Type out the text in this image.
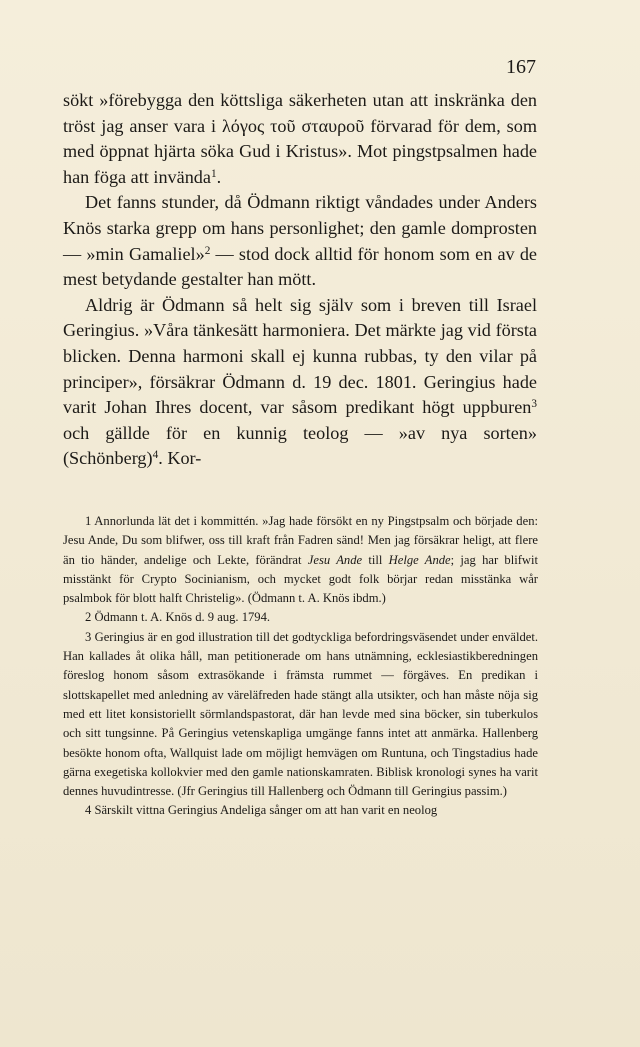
167

sökt »förebygga den köttsliga säkerheten utan att inskränka den tröst jag anser vara i λόγος τοῦ σταυροῦ förvarad för dem, som med öppnat hjärta söka Gud i Kristus». Mot pingstpsalmen hade han föga att invända$^1$.

Det fanns stunder, då Ödmann riktigt våndades under Anders Knös starka grepp om hans personlighet; den gamle domprosten — »min Gamaliel»$^2$ — stod dock alltid för honom som en av de mest betydande gestalter han mött.

Aldrig är Ödmann så helt sig själv som i breven till Israel Geringius. »Våra tänkesätt harmoniera. Det märkte jag vid första blicken. Denna harmoni skall ej kunna rubbas, ty den vilar på principer», försäkrar Ödmann d. 19 dec. 1801. Geringius hade varit Johan Ihres docent, var såsom predikant högt uppburen$^3$ och gällde för en kunnig teolog — »av nya sorten» (Schönberg)$^4$. Kor-

1 Annorlunda lät det i kommittén. »Jag hade försökt en ny Pingstpsalm och började den: Jesu Ande, Du som blifwer, oss till kraft från Fadren sänd! Men jag försäkrar heligt, att flere än tio händer, andelige och Lekte, förändrat Jesu Ande till Helge Ande; jag har blifwit misstänkt för Crypto Socinianism, och mycket godt folk börjar redan misstänka wår psalmbok för blott halft Christelig». (Ödmann t. A. Knös ibdm.)

2 Ödmann t. A. Knös d. 9 aug. 1794.

3 Geringius är en god illustration till det godtyckliga befordringsväsendet under enväldet. Han kallades åt olika håll, man petitionerade om hans utnämning, ecklesiastikberedningen föreslog honom såsom extrasökande i främsta rummet — förgäves. En predikan i slottskapellet med anledning av väreläfreden hade stängt alla utsikter, och han måste nöja sig med ett litet konsistoriellt sörmlandspastorat, där han levde med sina böcker, sin tuberkulos och sitt tungsinne. På Geringius vetenskapliga umgänge fanns intet att anmärka. Hallenberg besökte honom ofta, Wallquist lade om möjligt hemvägen om Runtuna, och Tingstadius hade gärna exegetiska kollokvier med den gamle nationskamraten. Biblisk kronologi synes ha varit dennes huvudintresse. (Jfr Geringius till Hallenberg och Ödmann till Geringius passim.)

4 Särskilt vittna Geringius Andeliga sånger om att han varit en neolog
